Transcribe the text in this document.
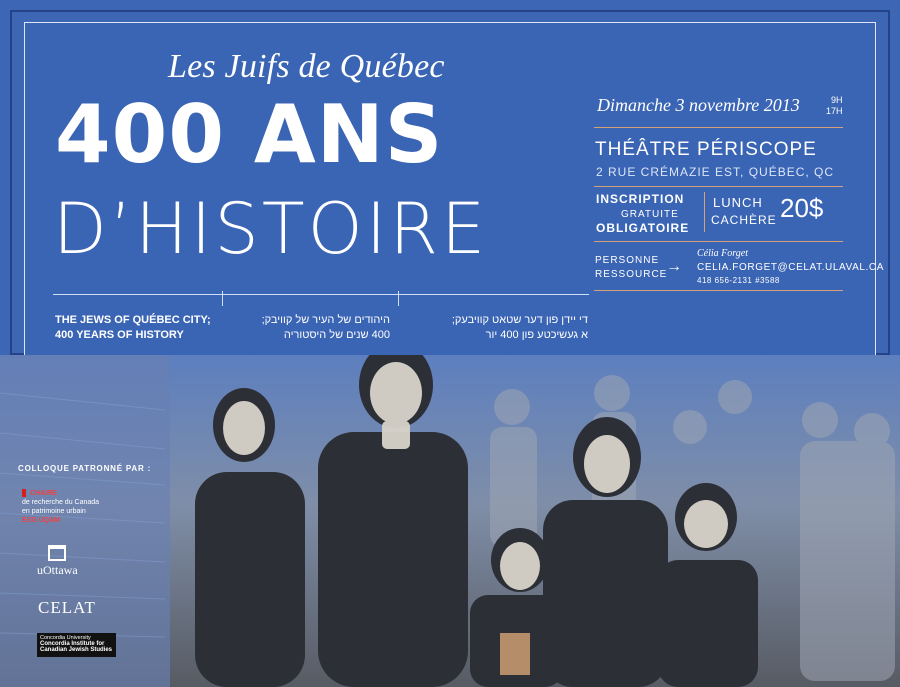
Les Juifs de Québec
400 ANS
D’HISTOIRE
THE JEWS OF QUÉBEC CITY;
400 YEARS OF HISTORY
היהודים של העיר של קוויבק;
400 שנים של היסטוריה
די יידן פון דער שטאט קוויבעק;
א געשיכטע פון 400 יור
Dimanche 3 novembre 2013	9H
17H
THÉÂTRE PÉRISCOPE
2 RUE CRÉMAZIE EST, QUÉBEC, QC
INSCRIPTION
GRATUITE
OBLIGATOIRE
LUNCH
CACHÈRE 20$
PERSONNE
RESSOURCE
→
Célia Forget
CELIA.FORGET@CELAT.ULAVAL.CA
418 656-2131 #3588
COLLOQUE PATRONNÉ PAR :
CHAIRE
de recherche du Canada
en patrimoine urbain
ESG UQÀM
uOttawa
CELAT
Concordia University
Concordia Institute for
Canadian Jewish Studies
